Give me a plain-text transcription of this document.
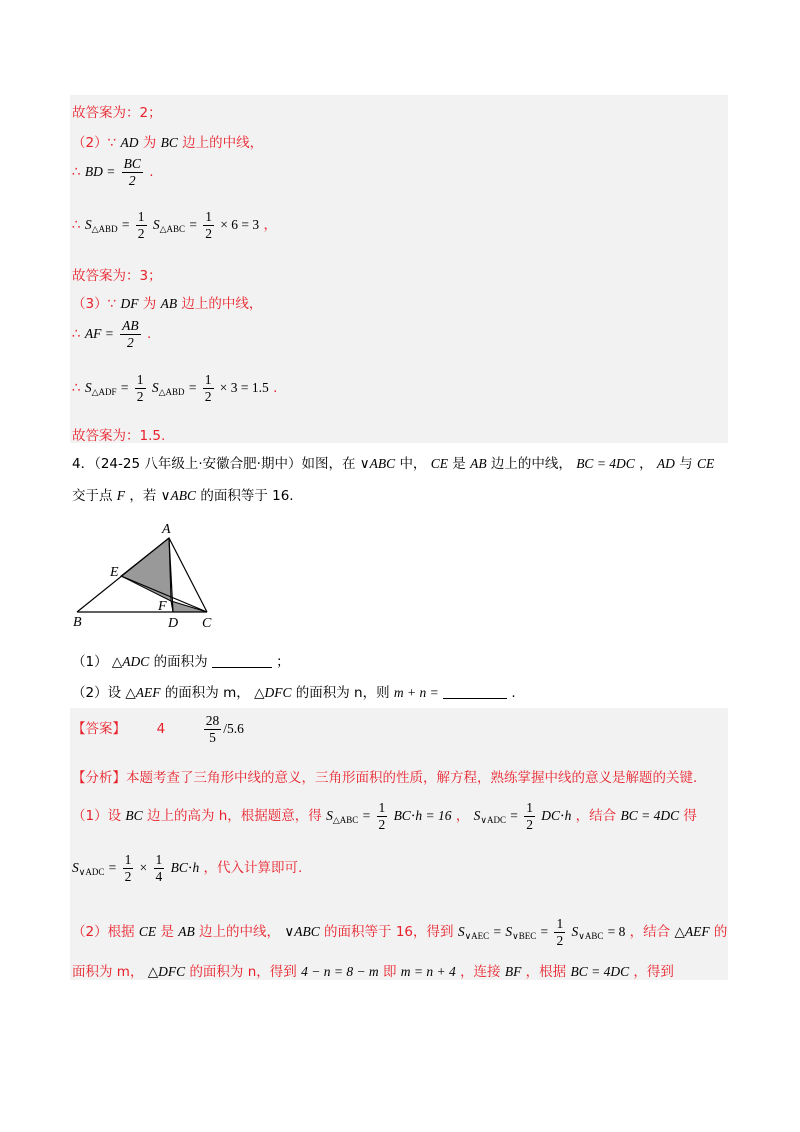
故答案为：2；
（2）∵ AD 为 BC 边上的中线，
∴ BD = $\frac{BC}{2}$ .
∴ $S_{\triangle ABD} = \frac{1}{2} S_{\triangle ABC} = \frac{1}{2} \times 6 = 3$ ，
故答案为：3；
（3）∵ DF 为 AB 边上的中线，
∴ AF = $\frac{AB}{2}$ .
∴ $S_{\triangle ADF} = \frac{1}{2} S_{\triangle ABD} = \frac{1}{2} \times 3 = 1.5$ .
故答案为：1.5.
4．（24-25 八年级上·安徽合肥·期中）如图，在 ∨ABC 中， CE 是 AB 边上的中线， BC = 4DC ， AD 与 CE
交于点 F ，若 ∨ABC 的面积等于 16.
A
E
F
B	D C
（1） △ADC 的面积为	；
（2）设 △AEF 的面积为 m， △DFC 的面积为 n，则 m + n =	.
【答案】 4	$\frac{28}{5} /5.6$
【分析】本题考查了三角形中线的意义，三角形面积的性质，解方程，熟练掌握中线的意义是解题的关键.
（1）设 BC 边上的高为 h，根据题意，得 $S_{\triangle ABC} = \frac{1}{2} BC\cdot h = 16$ ， $S_{\vee ADC} = \frac{1}{2} DC\cdot h$ ，结合 BC = 4DC 得
$S_{\vee ADC} = \frac{1}{2} \times \frac{1}{4} BC\cdot h$ ，代入计算即可.
（2）根据 CE 是 AB 边上的中线， ∨ABC 的面积等于 16，得到 $S_{\vee AEC} = S_{\vee BEC} = \frac{1}{2} S_{\vee ABC} = 8$ ，结合 △AEF 的
面积为 m， △DFC 的面积为 n，得到 4 − n = 8 − m 即 m = n + 4 ，连接 BF ，根据 BC = 4DC ，得到
